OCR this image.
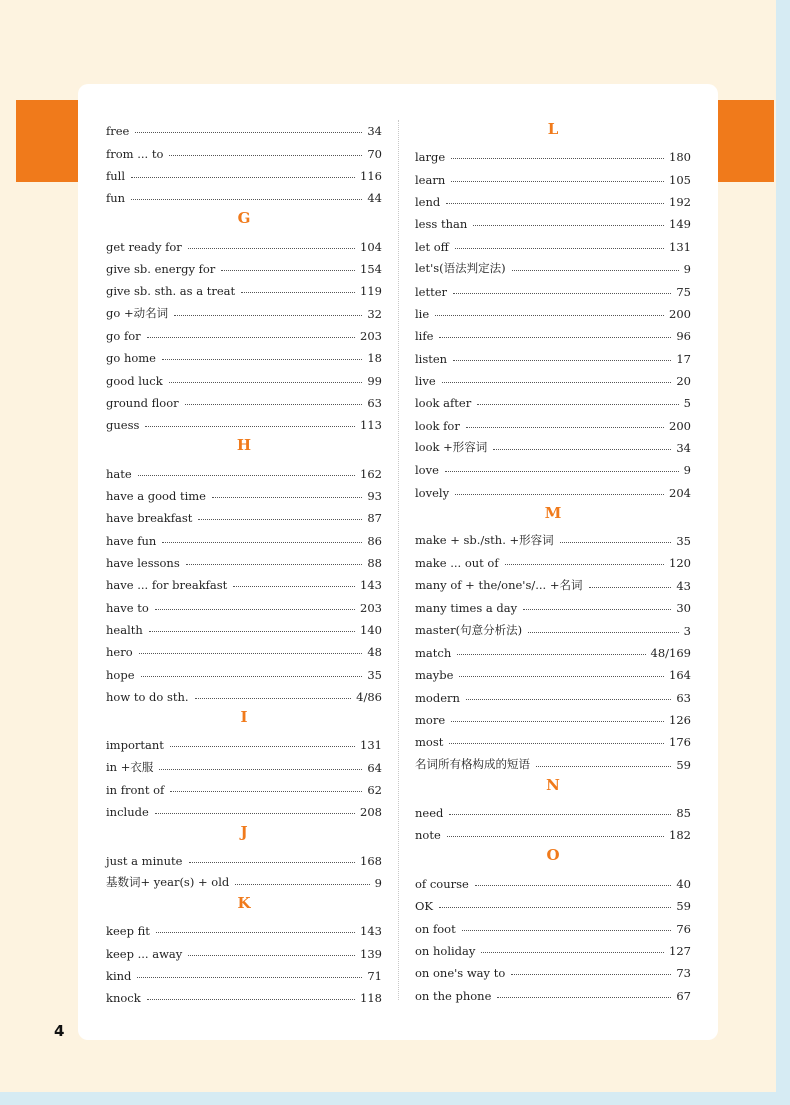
free	34
from ... to	70
full	116
fun	44
G
get ready for	104
give sb. energy for	154
give sb. sth. as a treat	119
go +动名词	32
go for	203
go home	18
good luck	99
ground floor	63
guess	113
H
hate	162
have a good time	93
have breakfast	87
have fun	86
have lessons	88
have ... for breakfast	143
have to	203
health	140
hero	48
hope	35
how to do sth.	4/86
I
important	131
in +衣服	64
in front of	62
include	208
J
just a minute	168
基数词+ year(s) + old	9
K
keep fit	143
keep ... away	139
kind	71
knock	118
L
large	180
learn	105
lend	192
less than	149
let off	131
let's(语法判定法)	9
letter	75
lie	200
life	96
listen	17
live	20
look after	5
look for	200
look +形容词	34
love	9
lovely	204
M
make + sb./sth. +形容词	35
make ... out of	120
many of + the/one's/... +名词	43
many times a day	30
master(句意分析法)	3
match	48/169
maybe	164
modern	63
more	126
most	176
名词所有格构成的短语	59
N
need	85
note	182
O
of course	40
OK	59
on foot	76
on holiday	127
on one's way to	73
on the phone	67
4
